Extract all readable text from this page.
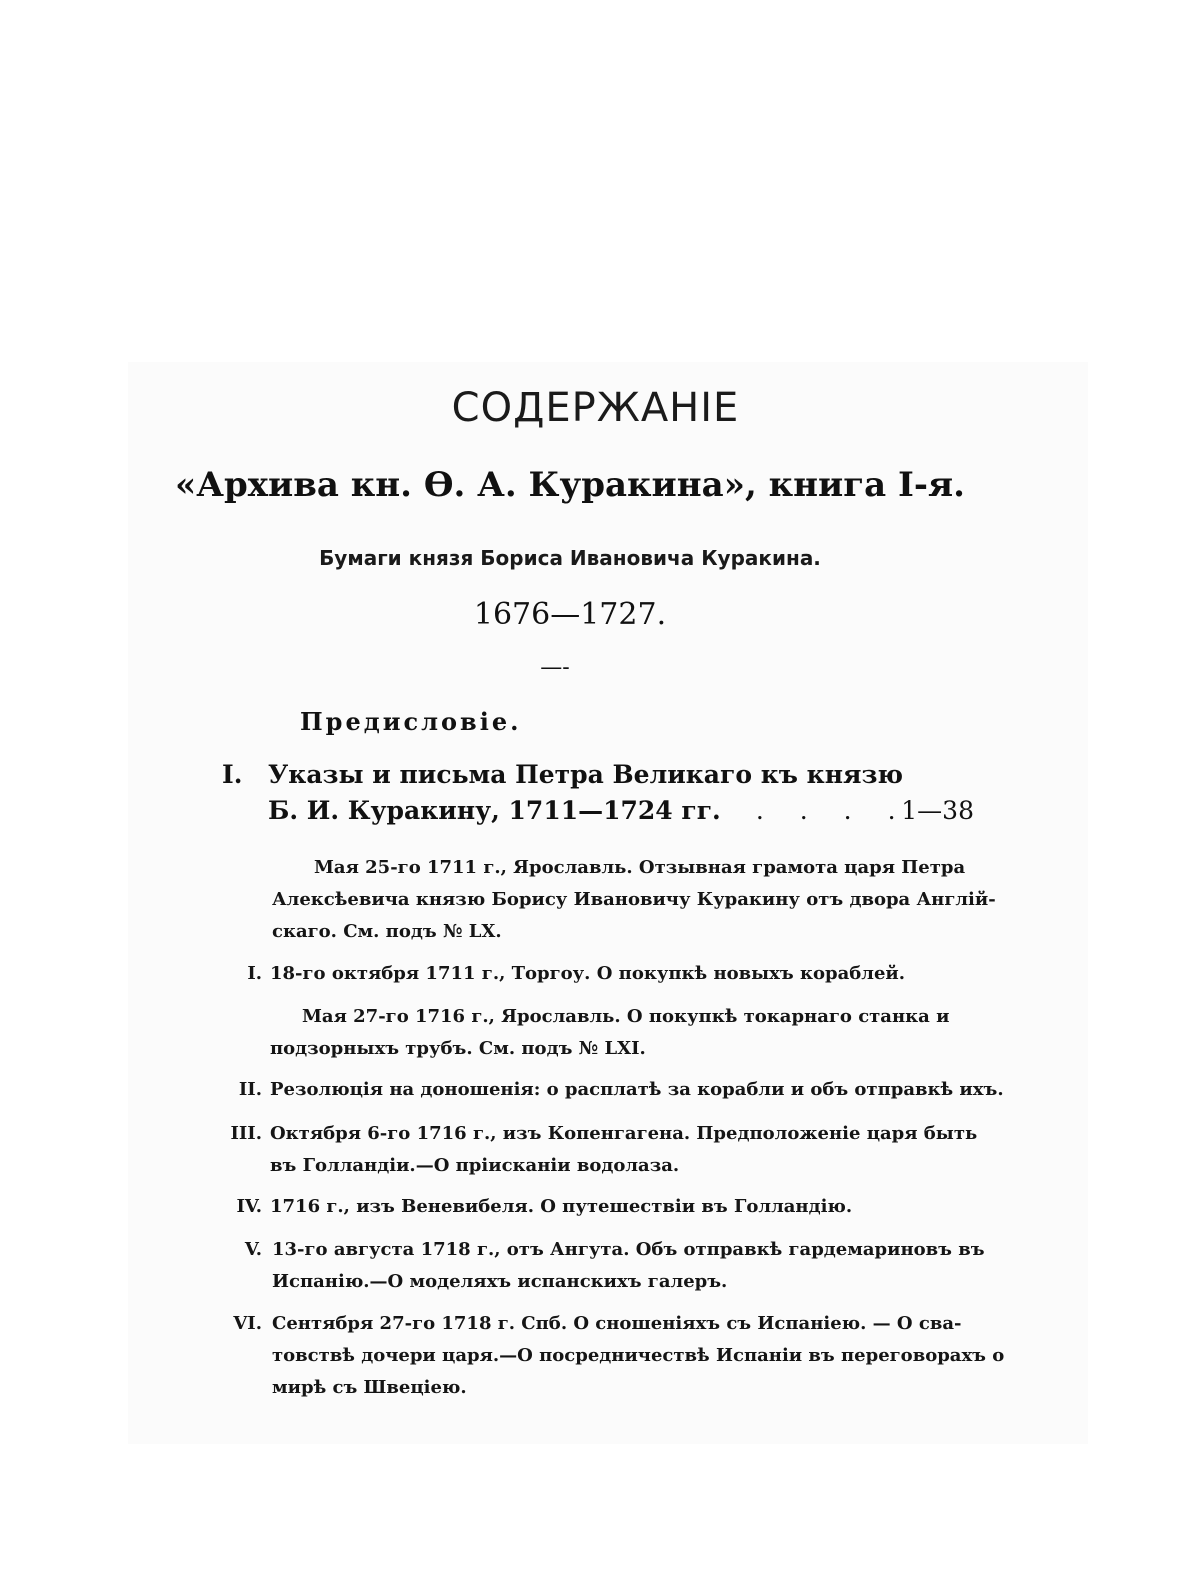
СОДЕРЖАНІЕ
«Архива кн. Ѳ. А. Куракина», книга І-я.
Бумаги князя Бориса Ивановича Куракина.
1676—1727.
—-
Предисловіе.
I.	Указы и письма Петра Великаго къ князю
Б. И. Куракину, 1711—1724 гг.
. . . . .
1—38
Мая 25-го 1711 г., Ярославль. Отзывная грамота царя Петра
Алексѣевича князю Борису Ивановичу Куракину отъ двора Англій-
скаго. См. подъ № LX.
I. 18-го октября 1711 г., Торгоу. О покупкѣ новыхъ кораблей.
Мая 27-го 1716 г., Ярославль. О покупкѣ токарнаго станка и
подзорныхъ трубъ. См. подъ № LXI.
II. Резолюція на доношенія: о расплатѣ за корабли и объ отправкѣ ихъ.
III. Октября 6-го 1716 г., изъ Копенгагена. Предположеніе царя быть
въ Голландіи.—О пріисканіи водолаза.
IV. 1716 г., изъ Веневибеля. О путешествіи въ Голландію.
V. 13-го августа 1718 г., отъ Ангута. Объ отправкѣ гардемариновъ въ
Испанію.—О моделяхъ испанскихъ галеръ.
VI. Сентября 27-го 1718 г. Спб. О сношеніяхъ съ Испаніею. — О сва-
товствѣ дочери царя.—О посредничествѣ Испаніи въ переговорахъ о
мирѣ съ Швеціею.
